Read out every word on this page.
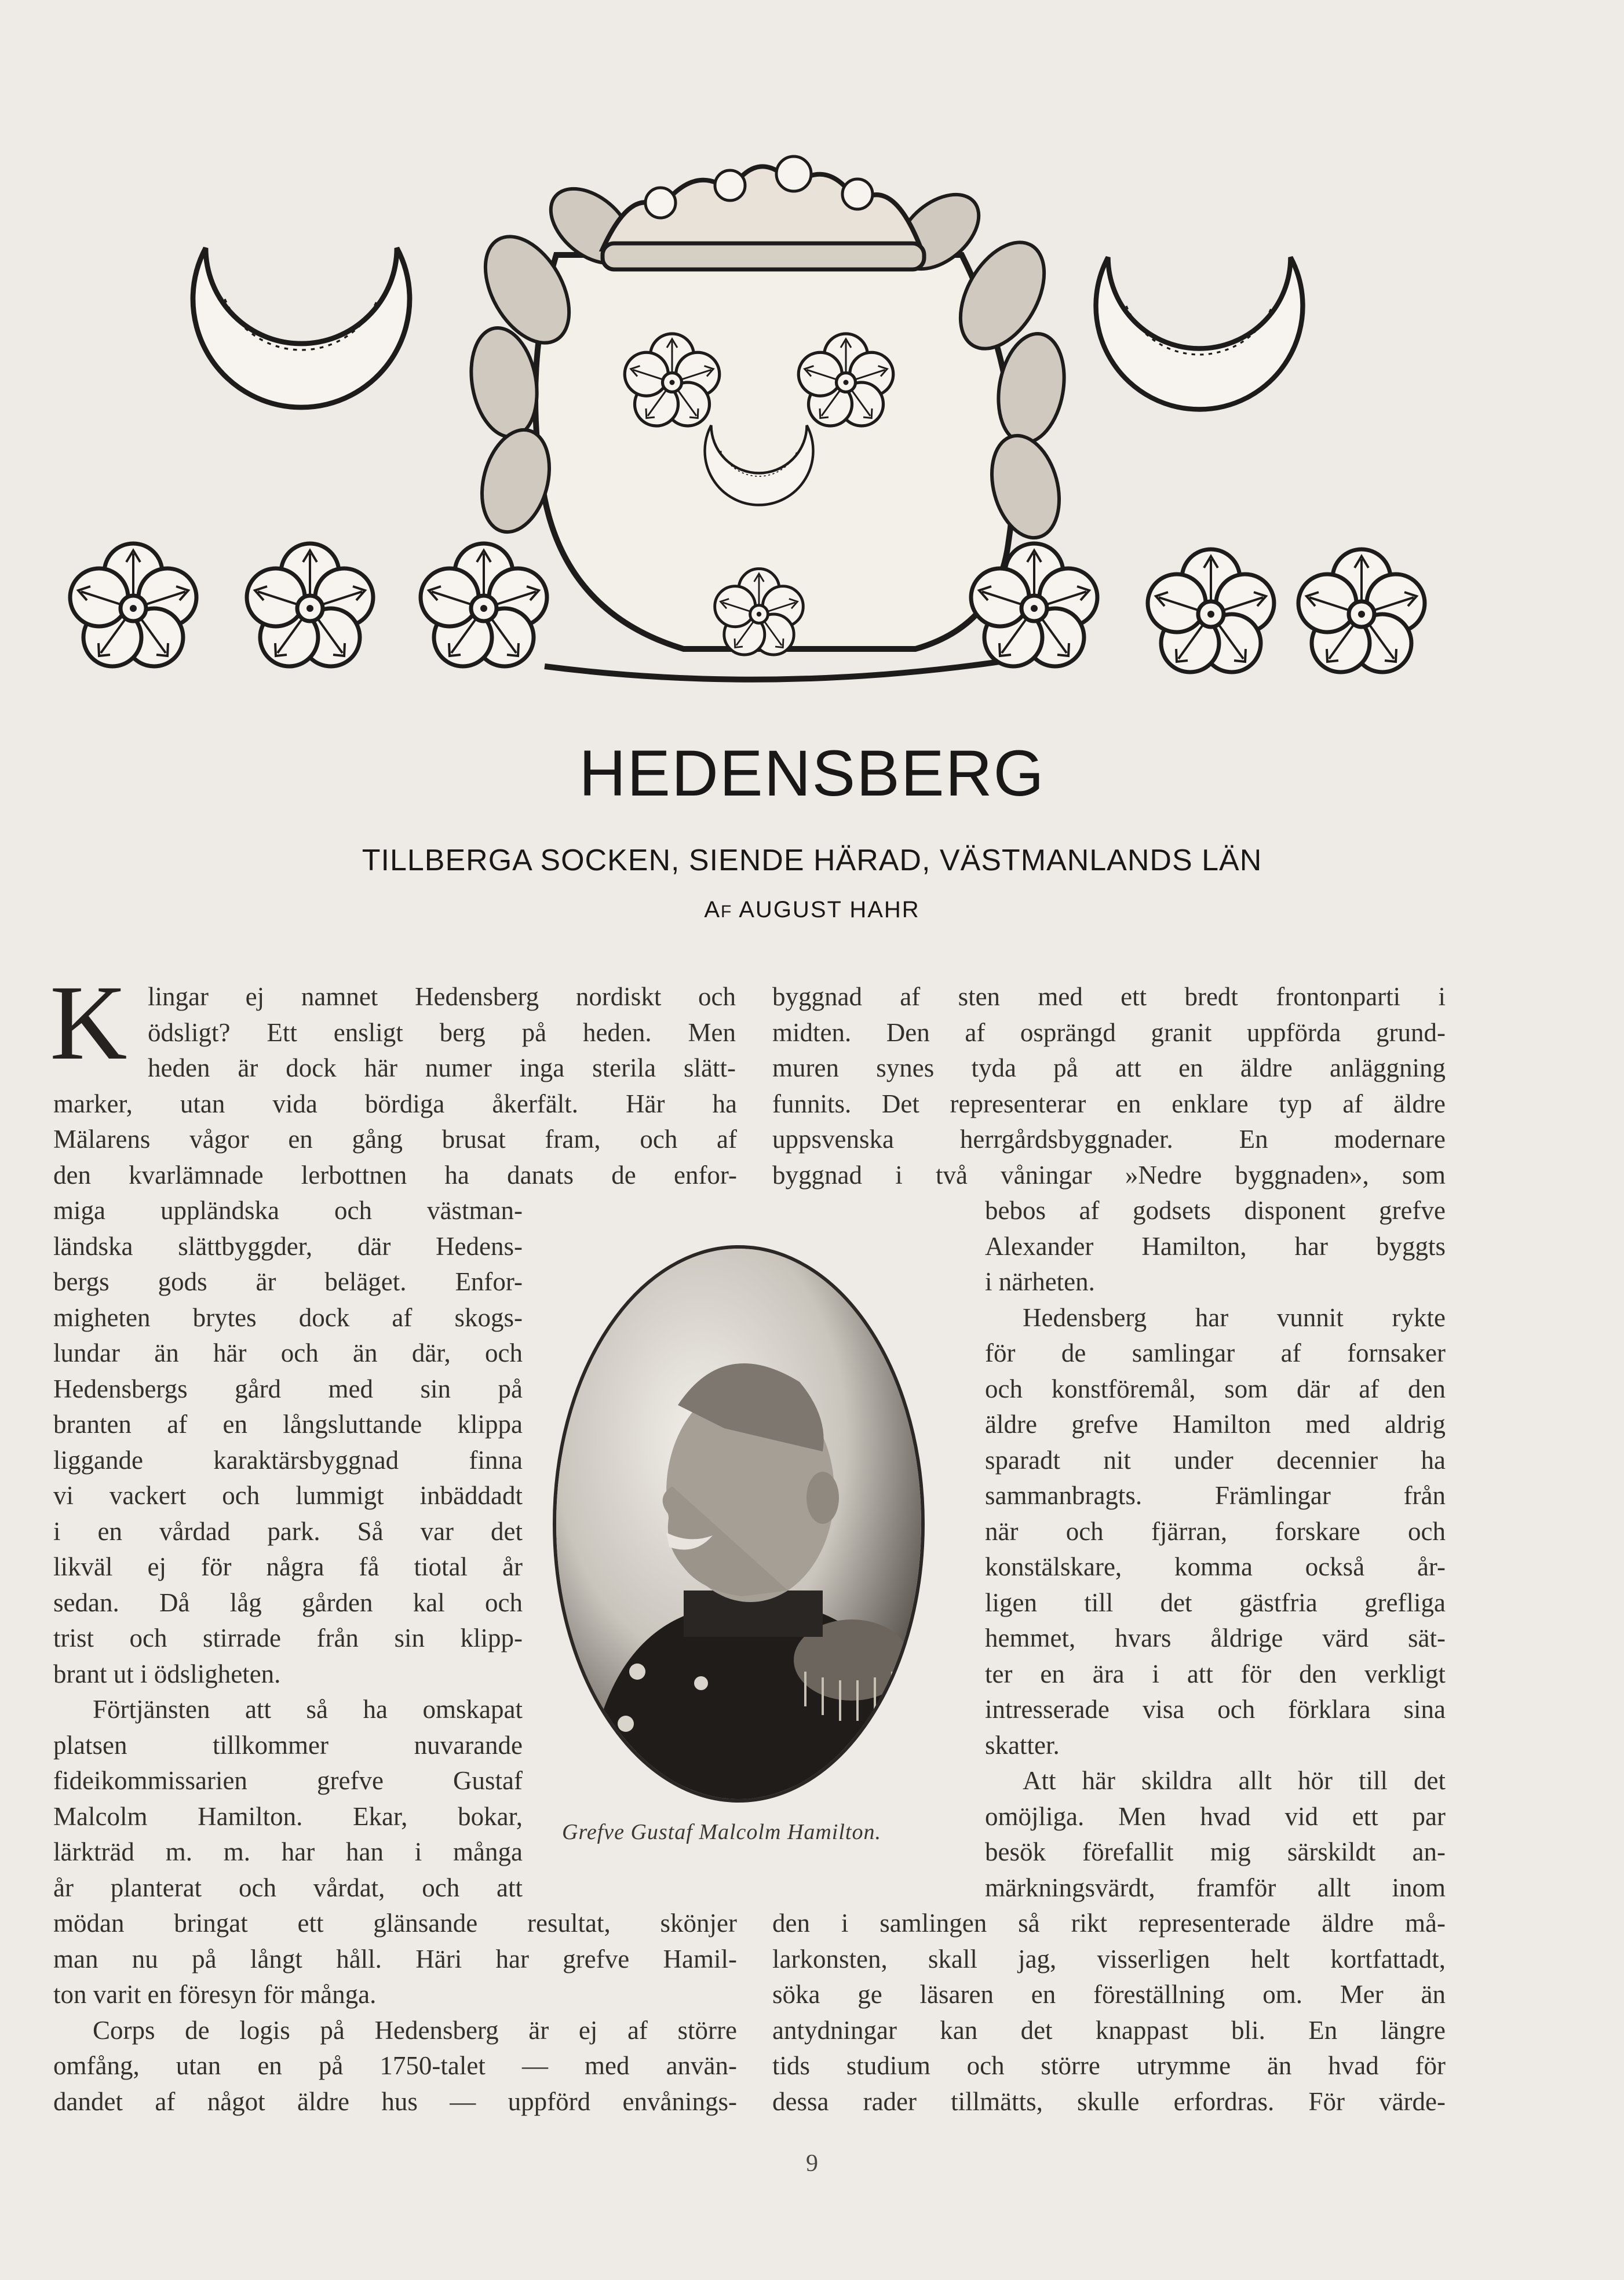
HEDENSBERG
TILLBERGA SOCKEN, SIENDE HÄRAD, VÄSTMANLANDS LÄN
AF AUGUST HAHR
K lingar ej namnet Hedensberg nordiskt och
ödsligt? Ett ensligt berg på heden. Men
heden är dock här numer inga sterila slätt-
marker, utan vida bördiga åkerfält. Här ha
Mälarens vågor en gång brusat fram, och af
den kvarlämnade lerbottnen ha danats de enfor-
miga uppländska och västman-
ländska slättbyggder, där Hedens-
bergs gods är beläget. Enfor-
migheten brytes dock af skogs-
lundar än här och än där, och
Hedensbergs gård med sin på
branten af en långsluttande klippa
liggande karaktärsbyggnad finna
vi vackert och lummigt inbäddadt
i en vårdad park. Så var det
likväl ej för några få tiotal år
sedan. Då låg gården kal och
trist och stirrade från sin klipp-
brant ut i ödsligheten.
Förtjänsten att så ha omskapat
platsen tillkommer nuvarande
fideikommissarien grefve Gustaf
Malcolm Hamilton. Ekar, bokar,
lärkträd m. m. har han i många
år planterat och vårdat, och att
mödan bringat ett glänsande resultat, skönjer
man nu på långt håll. Häri har grefve Hamil-
ton varit en föresyn för många.
Corps de logis på Hedensberg är ej af större
omfång, utan en på 1750-talet — med använ-
dandet af något äldre hus — uppförd envånings-
byggnad af sten med ett bredt frontonparti i
midten. Den af osprängd granit uppförda grund-
muren synes tyda på att en äldre anläggning
funnits. Det representerar en enklare typ af äldre
uppsvenska herrgårdsbyggnader. En modernare
byggnad i två våningar »Nedre byggnaden», som
bebos af godsets disponent grefve
Alexander Hamilton, har byggts
i närheten.
Hedensberg har vunnit rykte
för de samlingar af fornsaker
och konstföremål, som där af den
äldre grefve Hamilton med aldrig
sparadt nit under decennier ha
sammanbragts. Främlingar från
när och fjärran, forskare och
konstälskare, komma också år-
ligen till det gästfria grefliga
hemmet, hvars åldrige värd sät-
ter en ära i att för den verkligt
intresserade visa och förklara sina
skatter.
Att här skildra allt hör till det
omöjliga. Men hvad vid ett par
besök förefallit mig särskildt an-
märkningsvärdt, framför allt inom
den i samlingen så rikt representerade äldre må-
larkonsten, skall jag, visserligen helt kortfattadt,
söka ge läsaren en föreställning om. Mer än
antydningar kan det knappast bli. En längre
tids studium och större utrymme än hvad för
dessa rader tillmätts, skulle erfordras. För värde-
Grefve Gustaf Malcolm Hamilton.
9
